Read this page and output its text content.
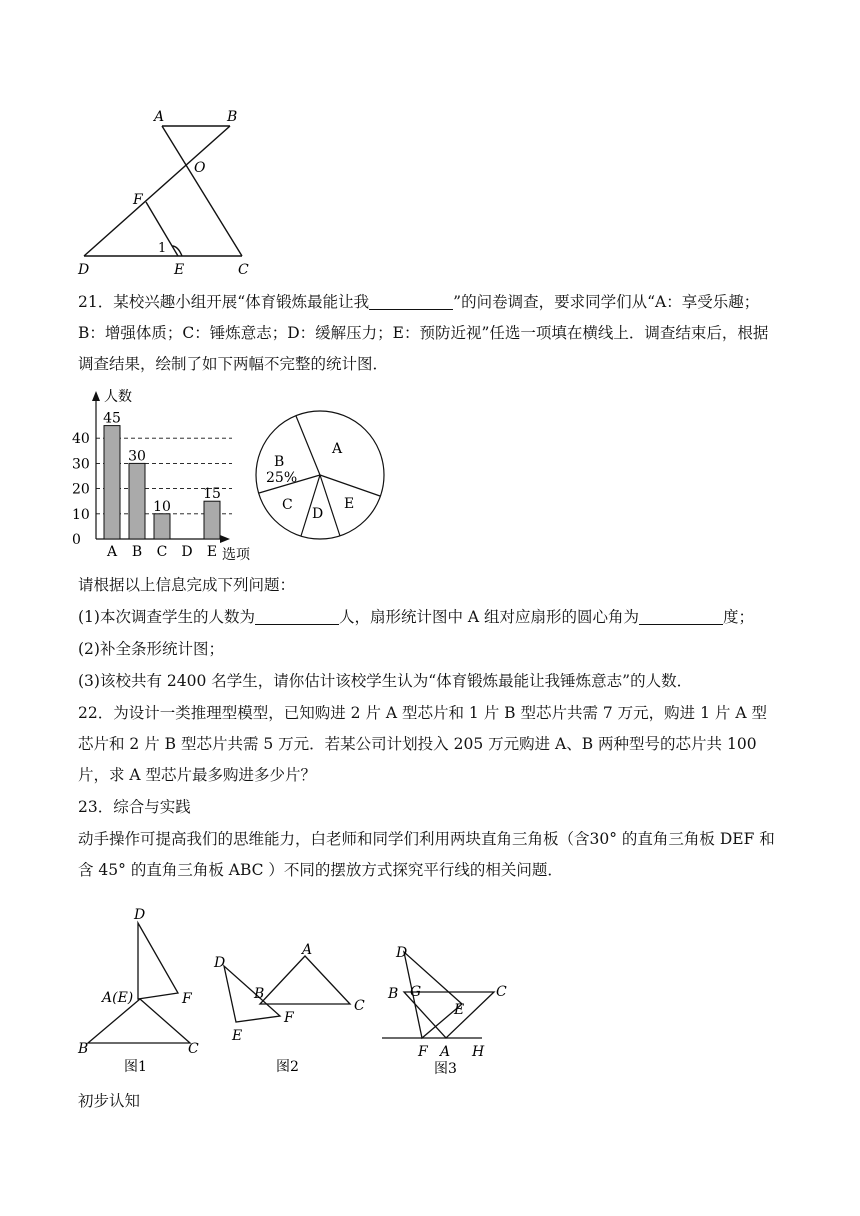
A	B
O
F
1
D	E	C
21．某校兴趣小组开展“体育锻炼最能让我	”的问卷调查，要求同学们从“A：享受乐趣；B：增强体质；C：锤炼意志；D：缓解压力；E：预防近视”任选一项填在横线上．调查结束后，根据调查结果，绘制了如下两幅不完整的统计图．
人数
选项
0
10
20
30
40
45
A
30
B
10
C D
15
E
A
B
25%
C
D
E
请根据以上信息完成下列问题：
(1)本次调查学生的人数为	人，扇形统计图中 A 组对应扇形的圆心角为	度；
(2)补全条形统计图；
(3)该校共有 2400 名学生，请你估计该校学生认为“体育锻炼最能让我锤炼意志”的人数．
22．为设计一类推理型模型，已知购进 2 片 A 型芯片和 1 片 B 型芯片共需 7 万元，购进 1 片 A 型芯片和 2 片 B 型芯片共需 5 万元．若某公司计划投入 205 万元购进 A、B 两种型号的芯片共 100 片，求 A 型芯片最多购进多少片？
23．综合与实践
动手操作可提高我们的思维能力，白老师和同学们利用两块直角三角板（含30° 的直角三角板 DEF 和含 45° 的直角三角板 ABC ）不同的摆放方式探究平行线的相关问题．
D
A(E)	F
B	C
图1
D
A
B
C
F
E
图2
D
B G	C
E
F A H
图3
初步认知
